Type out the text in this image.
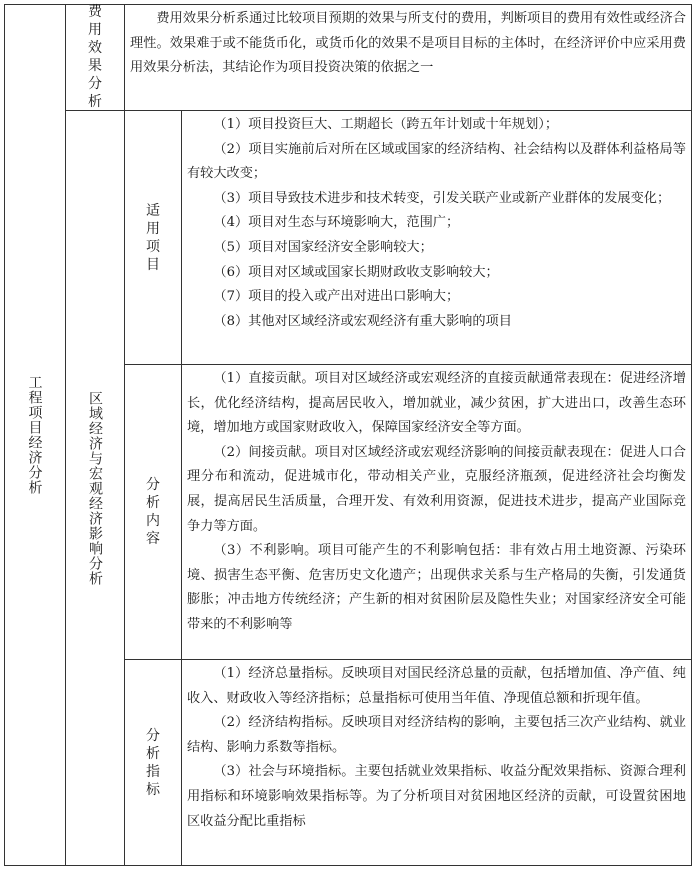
工程项目经济分析
费用效果分析

费用效果分析系通过比较项目预期的效果与所支付的费用，判断项目的费用有效性或经济合理性。效果难于或不能货币化，或货币化的效果不是项目目标的主体时，在经济评价中应采用费用效果分析法，其结论作为项目投资决策的依据之一

区域经济与宏观经济影响分析
适用项目

（1）项目投资巨大、工期超长（跨五年计划或十年规划）；

（2）项目实施前后对所在区域或国家的经济结构、社会结构以及群体利益格局等有较大改变；

（3）项目导致技术进步和技术转变，引发关联产业或新产业群体的发展变化；

（4）项目对生态与环境影响大，范围广；

（5）项目对国家经济安全影响较大；

（6）项目对区域或国家长期财政收支影响较大；

（7）项目的投入或产出对进出口影响大；

（8）其他对区域经济或宏观经济有重大影响的项目

分析内容

（1）直接贡献。项目对区域经济或宏观经济的直接贡献通常表现在：促进经济增长，优化经济结构，提高居民收入，增加就业，减少贫困，扩大进出口，改善生态环境，增加地方或国家财政收入，保障国家经济安全等方面。

（2）间接贡献。项目对区域经济或宏观经济影响的间接贡献表现在：促进人口合理分布和流动，促进城市化，带动相关产业，克服经济瓶颈，促进经济社会均衡发展，提高居民生活质量，合理开发、有效利用资源，促进技术进步，提高产业国际竞争力等方面。

（3）不利影响。项目可能产生的不利影响包括：非有效占用土地资源、污染环境、损害生态平衡、危害历史文化遗产；出现供求关系与生产格局的失衡，引发通货膨胀；冲击地方传统经济；产生新的相对贫困阶层及隐性失业；对国家经济安全可能带来的不利影响等

分析指标

（1）经济总量指标。反映项目对国民经济总量的贡献，包括增加值、净产值、纯收入、财政收入等经济指标；总量指标可使用当年值、净现值总额和折现年值。

（2）经济结构指标。反映项目对经济结构的影响，主要包括三次产业结构、就业结构、影响力系数等指标。

（3）社会与环境指标。主要包括就业效果指标、收益分配效果指标、资源合理利用指标和环境影响效果指标等。为了分析项目对贫困地区经济的贡献，可设置贫困地区收益分配比重指标
